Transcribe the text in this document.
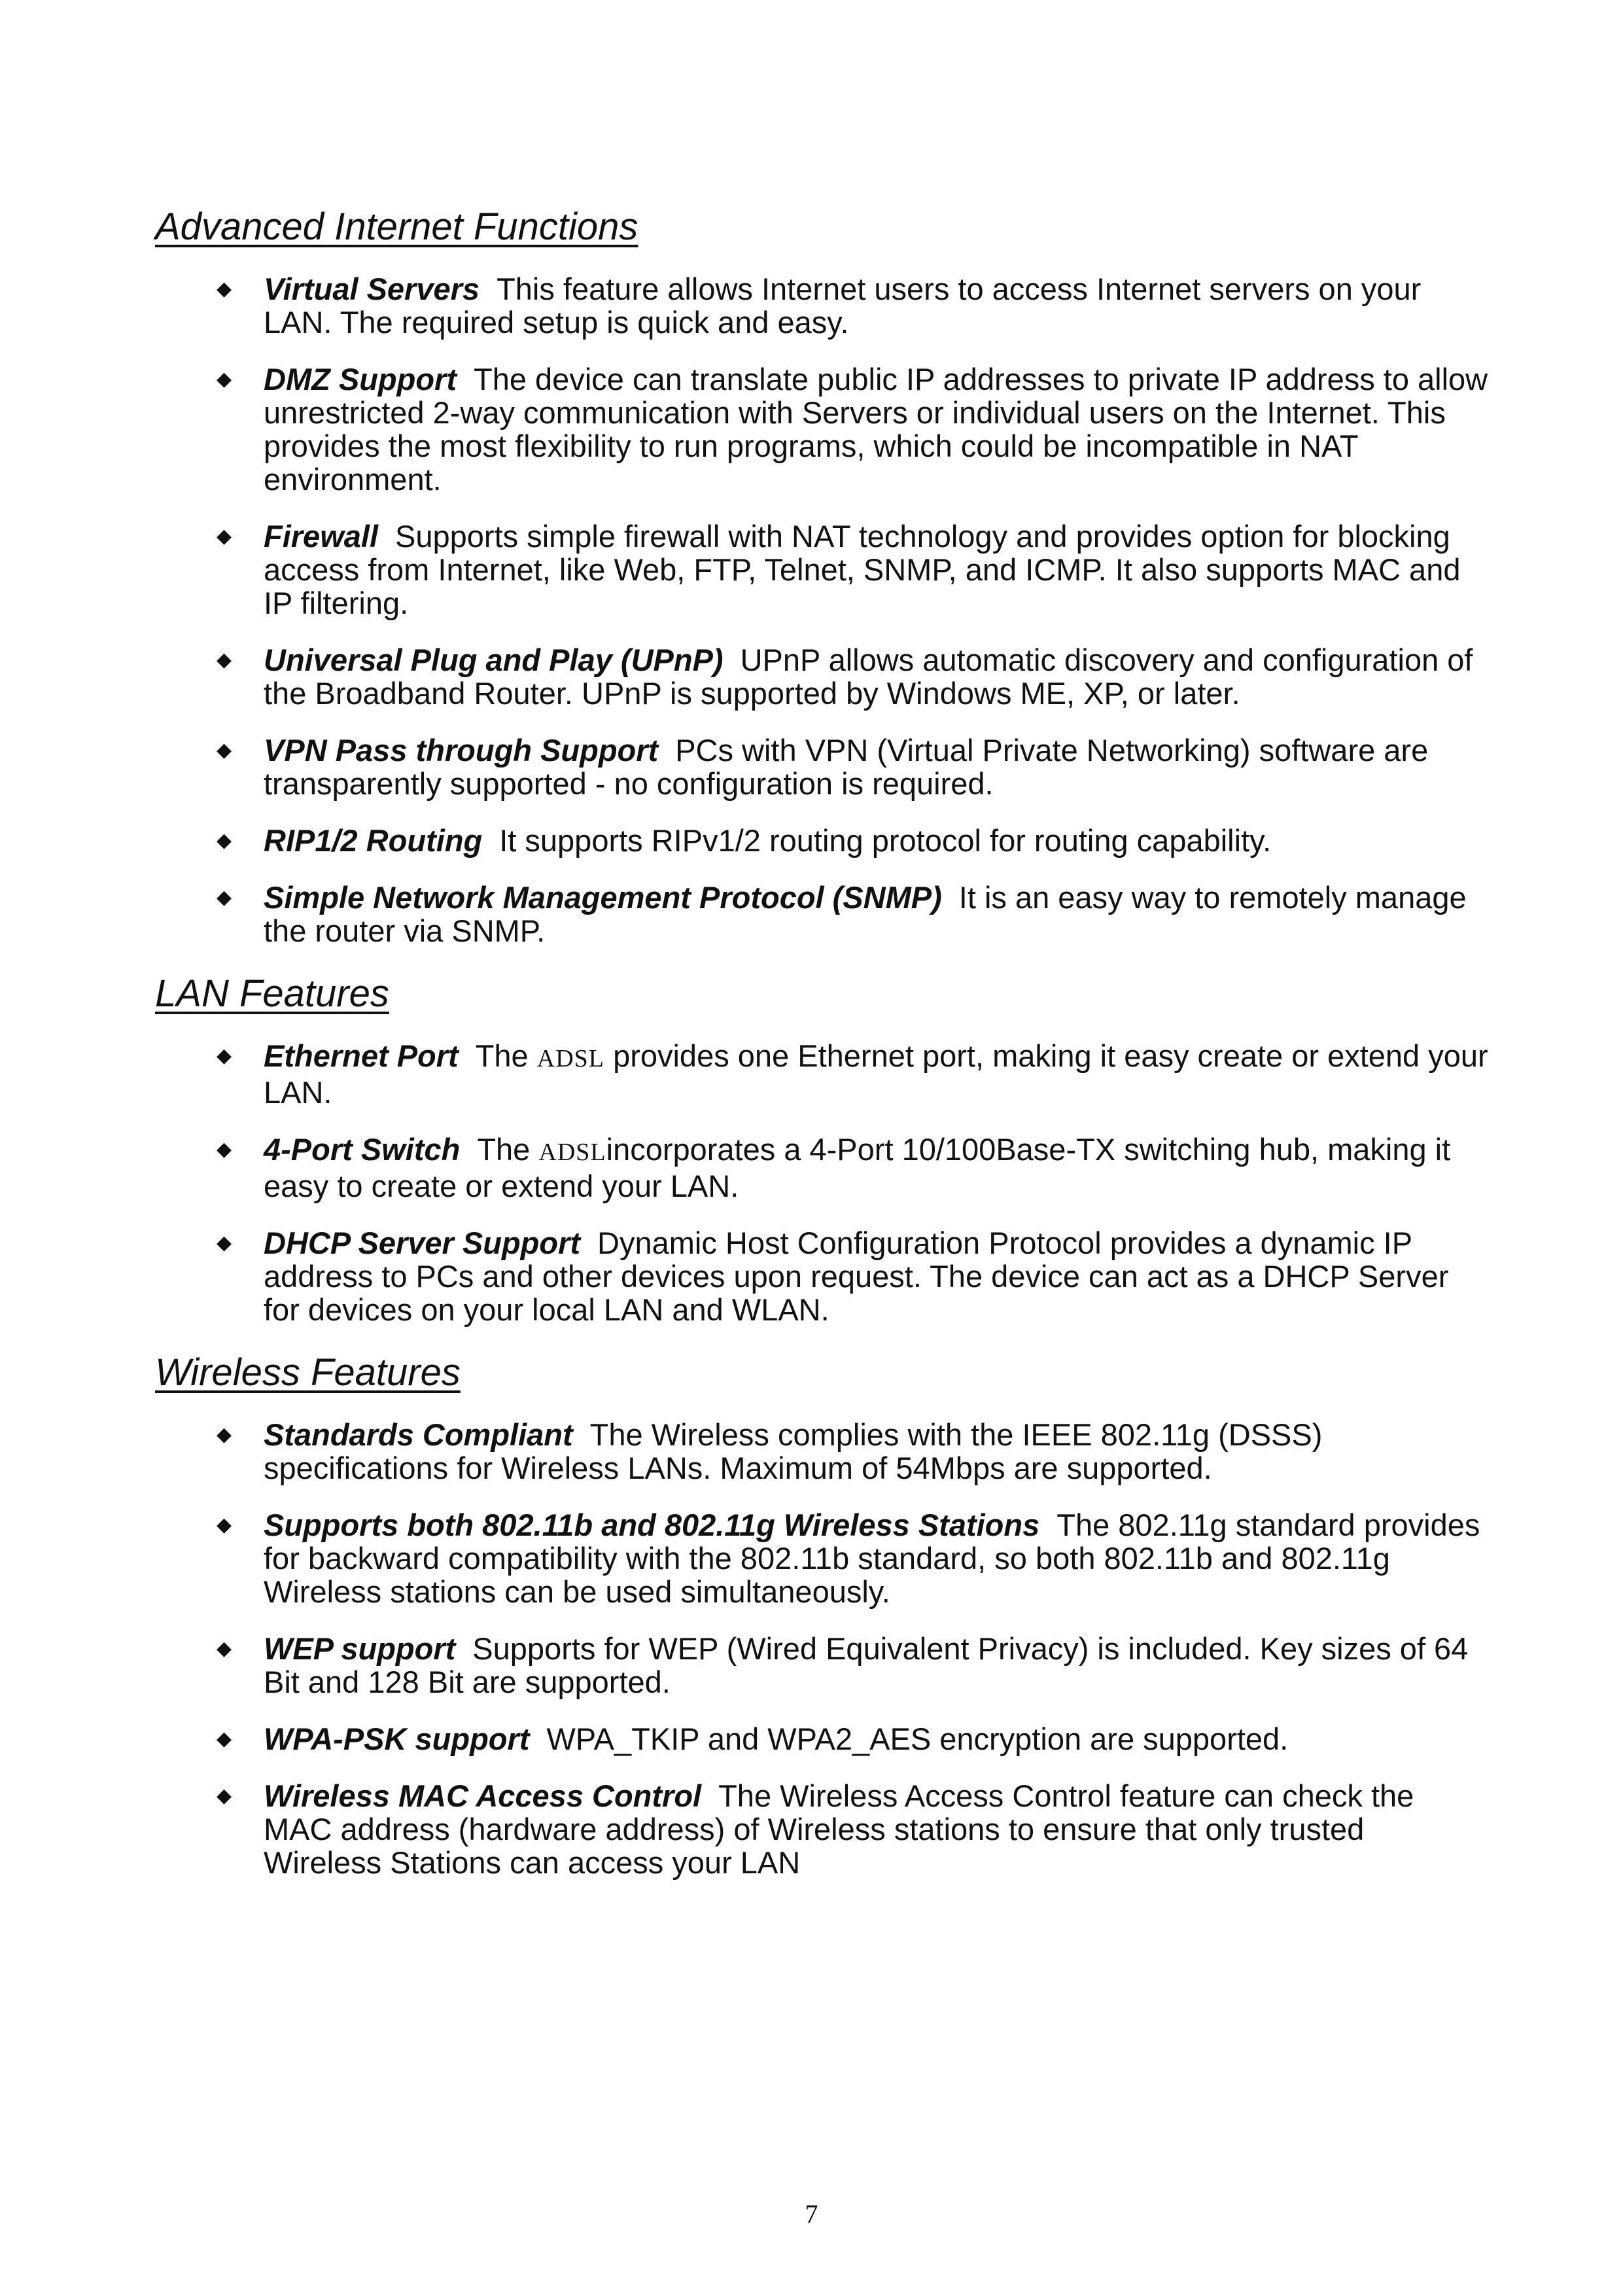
Advanced Internet Functions
◆ Virtual Servers This feature allows Internet users to access Internet servers on your LAN. The required setup is quick and easy.
◆ DMZ Support The device can translate public IP addresses to private IP address to allow unrestricted 2-way communication with Servers or individual users on the Internet. This provides the most flexibility to run programs, which could be incompatible in NAT environment.
◆ Firewall Supports simple firewall with NAT technology and provides option for blocking access from Internet, like Web, FTP, Telnet, SNMP, and ICMP. It also supports MAC and IP filtering.
◆ Universal Plug and Play (UPnP) UPnP allows automatic discovery and configuration of the Broadband Router. UPnP is supported by Windows ME, XP, or later.
◆ VPN Pass through Support PCs with VPN (Virtual Private Networking) software are transparently supported - no configuration is required.
◆ RIP1/2 Routing It supports RIPv1/2 routing protocol for routing capability.
◆ Simple Network Management Protocol (SNMP) It is an easy way to remotely manage the router via SNMP.
LAN Features
◆ Ethernet Port The ADSL provides one Ethernet port, making it easy create or extend your LAN.
◆ 4-Port Switch The ADSLincorporates a 4-Port 10/100Base-TX switching hub, making it easy to create or extend your LAN.
◆ DHCP Server Support Dynamic Host Configuration Protocol provides a dynamic IP address to PCs and other devices upon request. The device can act as a DHCP Server for devices on your local LAN and WLAN.
Wireless Features
◆ Standards Compliant The Wireless complies with the IEEE 802.11g (DSSS) specifications for Wireless LANs. Maximum of 54Mbps are supported.
◆ Supports both 802.11b and 802.11g Wireless Stations The 802.11g standard provides for backward compatibility with the 802.11b standard, so both 802.11b and 802.11g Wireless stations can be used simultaneously.
◆ WEP support Supports for WEP (Wired Equivalent Privacy) is included. Key sizes of 64 Bit and 128 Bit are supported.
◆ WPA-PSK support WPA_TKIP and WPA2_AES encryption are supported.
◆ Wireless MAC Access Control The Wireless Access Control feature can check the MAC address (hardware address) of Wireless stations to ensure that only trusted Wireless Stations can access your LAN
7
